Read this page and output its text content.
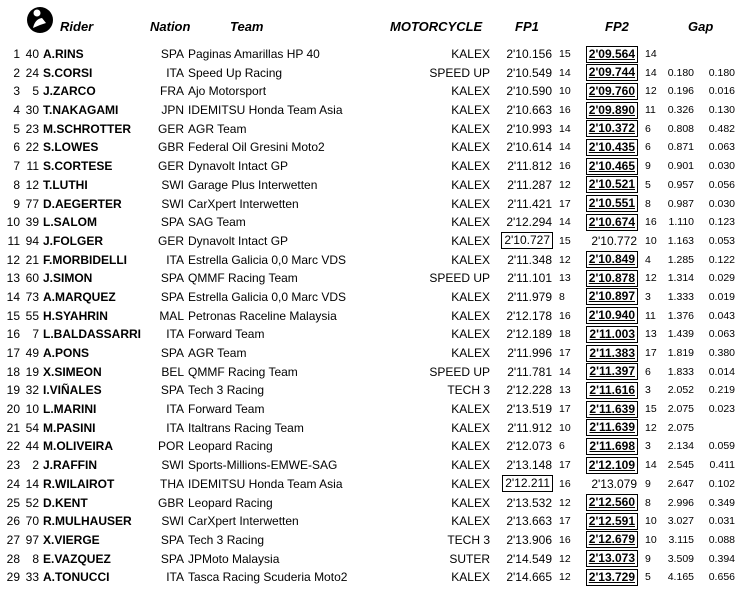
Rider	Nation	Team	MOTORCYCLE	FP1	FP2	Gap
1 40 A.RINS	SPA Paginas Amarillas HP 40	KALEX 2'10.156 15 2'09.564 14
2 24 S.CORSI	ITA Speed Up Racing	SPEED UP 2'10.549 14 2'09.744 14 0.180 0.180
3 5 J.ZARCO	FRA Ajo Motorsport	KALEX 2'10.590 10 2'09.760 12 0.196 0.016
4 30 T.NAKAGAMI	JPN IDEMITSU Honda Team Asia	KALEX 2'10.663 16 2'09.890 11 0.326 0.130
5 23 M.SCHROTTER GER AGR Team	KALEX 2'10.993 14 2'10.372 6 0.808 0.482
6 22 S.LOWES	GBR Federal Oil Gresini Moto2	KALEX 2'10.614 14 2'10.435 6 0.871 0.063
7 11 S.CORTESE	GER Dynavolt Intact GP	KALEX 2'11.812 16 2'10.465 9 0.901 0.030
8 12 T.LUTHI	SWI Garage Plus Interwetten	KALEX 2'11.287 12 2'10.521 5 0.957 0.056
9 77 D.AEGERTER	SWI CarXpert Interwetten	KALEX 2'11.421 17 2'10.551 8 0.987 0.030
10 39 L.SALOM	SPA SAG Team	KALEX 2'12.294 14 2'10.674 16 1.110 0.123
11 94 J.FOLGER	GER Dynavolt Intact GP	KALEX 2'10.727 15 2'10.772 10 1.163 0.053
12 21 F.MORBIDELLI	ITA Estrella Galicia 0,0 Marc VDS	KALEX 2'11.348 12 2'10.849 4 1.285 0.122
13 60 J.SIMON	SPA QMMF Racing Team	SPEED UP 2'11.101 13 2'10.878 12 1.314 0.029
14 73 A.MARQUEZ	SPA Estrella Galicia 0,0 Marc VDS	KALEX 2'11.979 8 2'10.897 3 1.333 0.019
15 55 H.SYAHRIN	MAL Petronas Raceline Malaysia	KALEX 2'12.178 16 2'10.940 11 1.376 0.043
16 7 L.BALDASSARRI ITA Forward Team	KALEX 2'12.189 18 2'11.003 13 1.439 0.063
17 49 A.PONS	SPA AGR Team	KALEX 2'11.996 17 2'11.383 17 1.819 0.380
18 19 X.SIMEON	BEL QMMF Racing Team	SPEED UP 2'11.781 14 2'11.397 6 1.833 0.014
19 32 I.VIÑALES	SPA Tech 3 Racing	TECH 3 2'12.228 13 2'11.616 3 2.052 0.219
20 10 L.MARINI	ITA Forward Team	KALEX 2'13.519 17 2'11.639 15 2.075 0.023
21 54 M.PASINI	ITA Italtrans Racing Team	KALEX 2'11.912 10 2'11.639 12 2.075
22 44 M.OLIVEIRA	POR Leopard Racing	KALEX 2'12.073 6 2'11.698 3 2.134 0.059
23 2 J.RAFFIN	SWI Sports-Millions-EMWE-SAG	KALEX 2'13.148 17 2'12.109 14 2.545 0.411
24 14 R.WILAIROT	THA IDEMITSU Honda Team Asia	KALEX 2'12.211 16 2'13.079 9 2.647 0.102
25 52 D.KENT	GBR Leopard Racing	KALEX 2'13.532 12 2'12.560 8 2.996 0.349
26 70 R.MULHAUSER SWI CarXpert Interwetten	KALEX 2'13.663 17 2'12.591 10 3.027 0.031
27 97 X.VIERGE	SPA Tech 3 Racing	TECH 3 2'13.906 16 2'12.679 10 3.115 0.088
28 8 E.VAZQUEZ	SPA JPMoto Malaysia	SUTER 2'14.549 12 2'13.073 9 3.509 0.394
29 33 A.TONUCCI	ITA Tasca Racing Scuderia Moto2	KALEX 2'14.665 12 2'13.729 5 4.165 0.656
